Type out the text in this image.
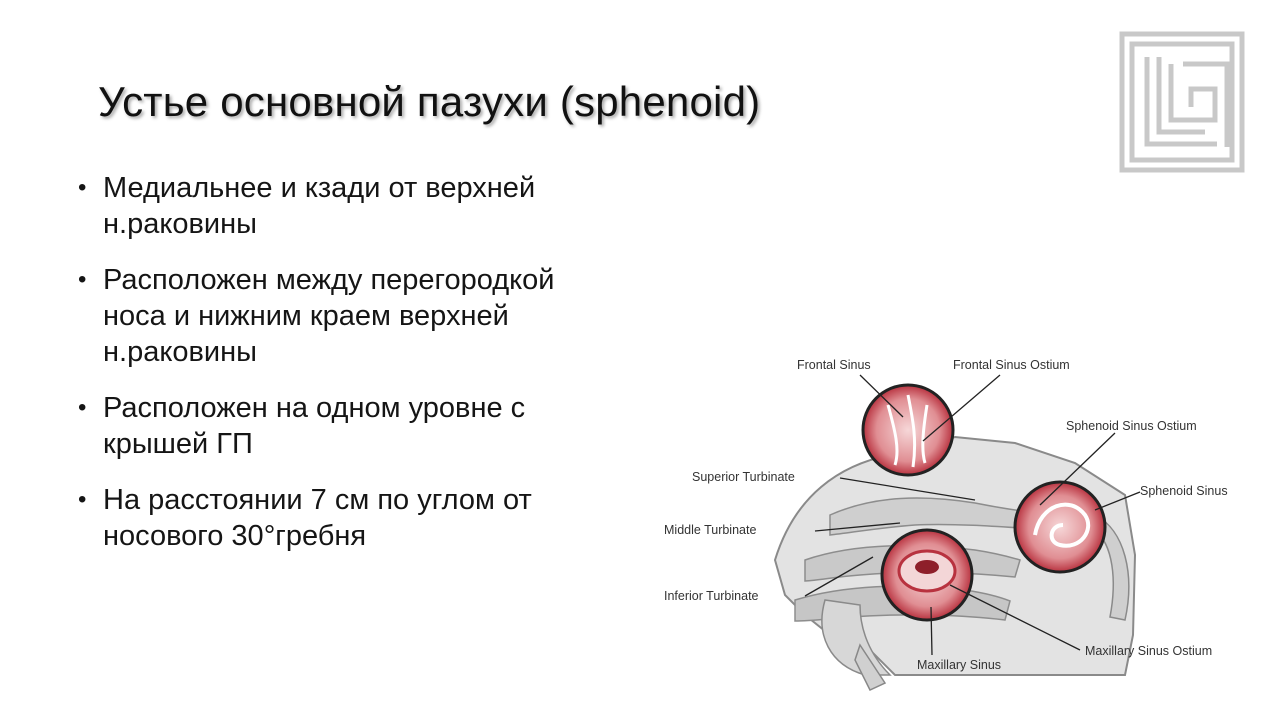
Устье основной пазухи (sphenoid)
• Медиальнее и кзади от верхней
н.раковины
• Расположен между перегородкой
носа и нижним краем верхней
н.раковины
• Расположен на одном уровне с
крышей ГП
• На расстоянии 7 см по углом от
носового 30°гребня
Frontal Sinus	Frontal Sinus Ostium
Sphenoid Sinus Ostium
Sphenoid Sinus
Superior Turbinate
Middle Turbinate
Inferior Turbinate
Maxillary Sinus
Maxillary Sinus Ostium
